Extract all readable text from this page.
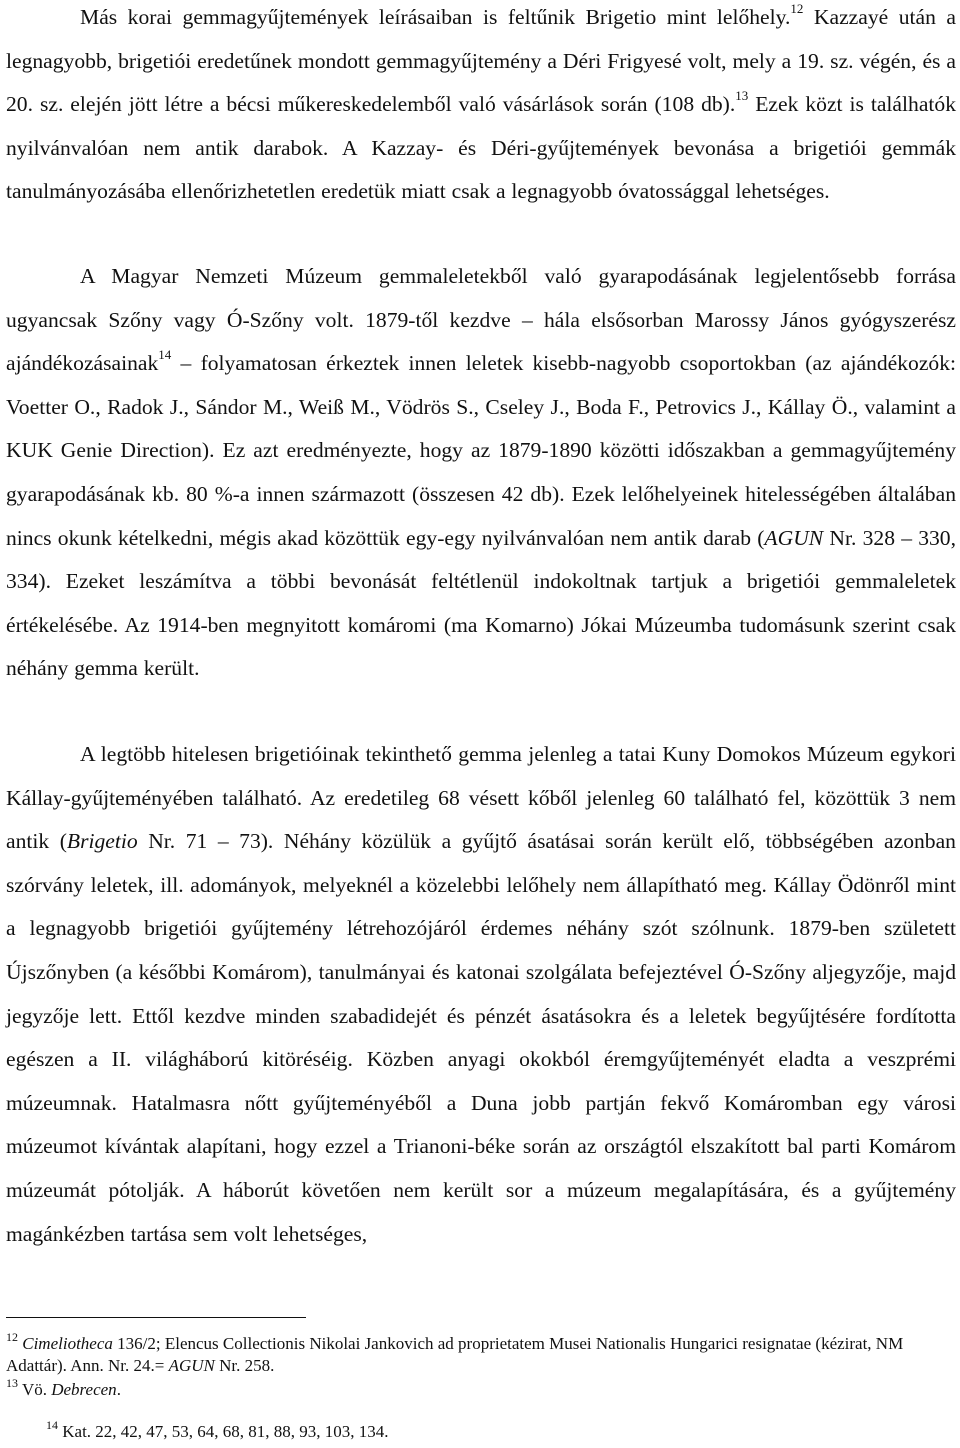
Más korai gemmagyűjtemények leírásaiban is feltűnik Brigetio mint lelőhely.$^{12}$ Kazzayé után a legnagyobb, brigetiói eredetűnek mondott gemmagyűjtemény a Déri Frigyesé volt, mely a 19. sz. végén, és a 20. sz. elején jött létre a bécsi műkereskedelemből való vásárlások során (108 db).$^{13}$ Ezek közt is találhatók nyilvánvalóan nem antik darabok. A Kazzay- és Déri-gyűjtemények bevonása a brigetiói gemmák tanulmányozásába ellenőrizhetetlen eredetük miatt csak a legnagyobb óvatossággal lehetséges.

A Magyar Nemzeti Múzeum gemmaleletekből való gyarapodásának legjelentősebb forrása ugyancsak Szőny vagy Ó-Szőny volt. 1879-től kezdve – hála elsősorban Marossy János gyógyszerész ajándékozásainak$^{14}$ – folyamatosan érkeztek innen leletek kisebb-nagyobb csoportokban (az ajándékozók: Voetter O., Radok J., Sándor M., Weiß M., Vödrös S., Cseley J., Boda F., Petrovics J., Kállay Ö., valamint a KUK Genie Direction). Ez azt eredményezte, hogy az 1879-1890 közötti időszakban a gemmagyűjtemény gyarapodásának kb. 80 %-a innen származott (összesen 42 db). Ezek lelőhelyeinek hitelességében általában nincs okunk kételkedni, mégis akad közöttük egy-egy nyilvánvalóan nem antik darab (AGUN Nr. 328 – 330, 334). Ezeket leszámítva a többi bevonását feltétlenül indokoltnak tartjuk a brigetiói gemmaleletek értékelésébe. Az 1914-ben megnyitott komáromi (ma Komarno) Jókai Múzeumba tudomásunk szerint csak néhány gemma került.

A legtöbb hitelesen brigetióinak tekinthető gemma jelenleg a tatai Kuny Domokos Múzeum egykori Kállay-gyűjteményében található. Az eredetileg 68 vésett kőből jelenleg 60 található fel, közöttük 3 nem antik (Brigetio Nr. 71 – 73). Néhány közülük a gyűjtő ásatásai során került elő, többségében azonban szórvány leletek, ill. adományok, melyeknél a közelebbi lelőhely nem állapítható meg. Kállay Ödönről mint a legnagyobb brigetiói gyűjtemény létrehozójáról érdemes néhány szót szólnunk. 1879-ben született Újszőnyben (a későbbi Komárom), tanulmányai és katonai szolgálata befejeztével Ó-Szőny aljegyzője, majd jegyzője lett. Ettől kezdve minden szabadidejét és pénzét ásatásokra és a leletek begyűjtésére fordította egészen a II. világháború kitöréséig. Közben anyagi okokból éremgyűjteményét eladta a veszprémi múzeumnak. Hatalmasra nőtt gyűjteményéből a Duna jobb partján fekvő Komáromban egy városi múzeumot kívántak alapítani, hogy ezzel a Trianoni-béke során az országtól elszakított bal parti Komárom múzeumát pótolják. A háborút követően nem került sor a múzeum megalapítására, és a gyűjtemény magánkézben tartása sem volt lehetséges,

$^{12}$ Cimeliotheca 136/2; Elencus Collectionis Nikolai Jankovich ad proprietatem Musei Nationalis Hungarici resignatae (kézirat, NM Adattár). Ann. Nr. 24.= AGUN Nr. 258.
$^{13}$ Vö. Debrecen.
$^{14}$ Kat. 22, 42, 47, 53, 64, 68, 81, 88, 93, 103, 134.
